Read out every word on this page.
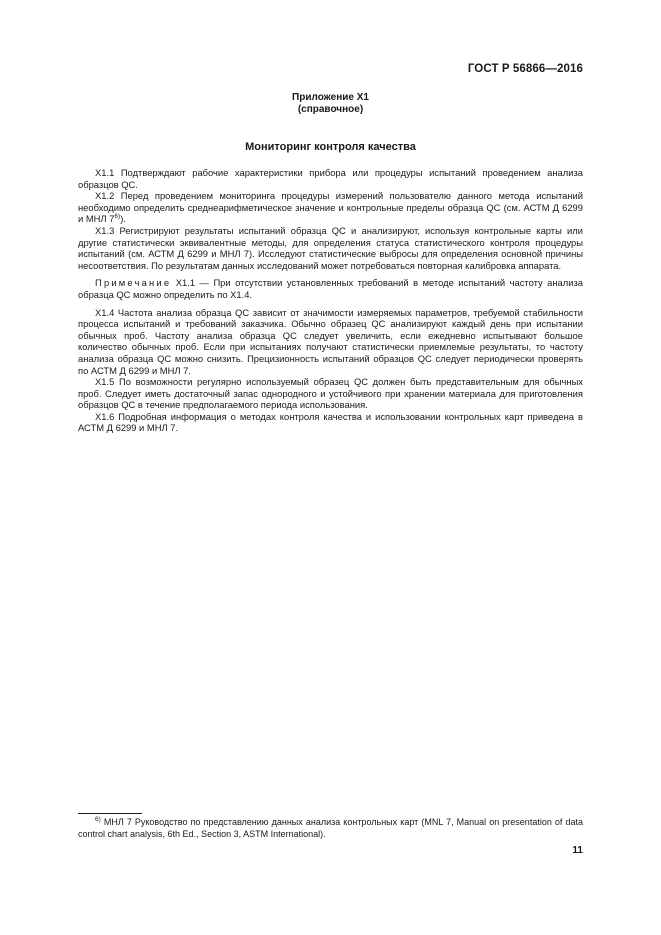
ГОСТ Р 56866—2016
Приложение Х1
(справочное)
Мониторинг контроля качества

Х1.1 Подтверждают рабочие характеристики прибора или процедуры испытаний проведением анализа образцов QC.

Х1.2 Перед проведением мониторинга процедуры измерений пользователю данного метода испытаний необходимо определить среднеарифметическое значение и контрольные пределы образца QC (см. АСТМ Д 6299 и МНЛ 7$^{6)}$).

Х1.3 Регистрируют результаты испытаний образца QC и анализируют, используя контрольные карты или другие статистически эквивалентные методы, для определения статуса статистического контроля процедуры испытаний (см. АСТМ Д 6299 и МНЛ 7). Исследуют статистические выбросы для определения основной причины несоответствия. По результатам данных исследований может потребоваться повторная калибровка аппарата.

Примечание Х1.1 — При отсутствии установленных требований в методе испытаний частоту анализа образца QC можно определить по Х1.4.

Х1.4 Частота анализа образца QC зависит от значимости измеряемых параметров, требуемой стабильности процесса испытаний и требований заказчика. Обычно образец QC анализируют каждый день при испытании обычных проб. Частоту анализа образца QC следует увеличить, если ежедневно испытывают большое количество обычных проб. Если при испытаниях получают статистически приемлемые результаты, то частоту анализа образца QC можно снизить. Прецизионность испытаний образцов QC следует периодически проверять по АСТМ Д 6299 и МНЛ 7.

Х1.5 По возможности регулярно используемый образец QC должен быть представительным для обычных проб. Следует иметь достаточный запас однородного и устойчивого при хранении материала для приготовления образцов QC в течение предполагаемого периода использования.

Х1.6 Подробная информация о методах контроля качества и использовании контрольных карт приведена в АСТМ Д 6299 и МНЛ 7.

$^{6)}$ МНЛ 7 Руководство по представлению данных анализа контрольных карт (MNL 7, Manual on presentation of data control chart analysis, 6th Ed., Section 3, ASTM International).

11
